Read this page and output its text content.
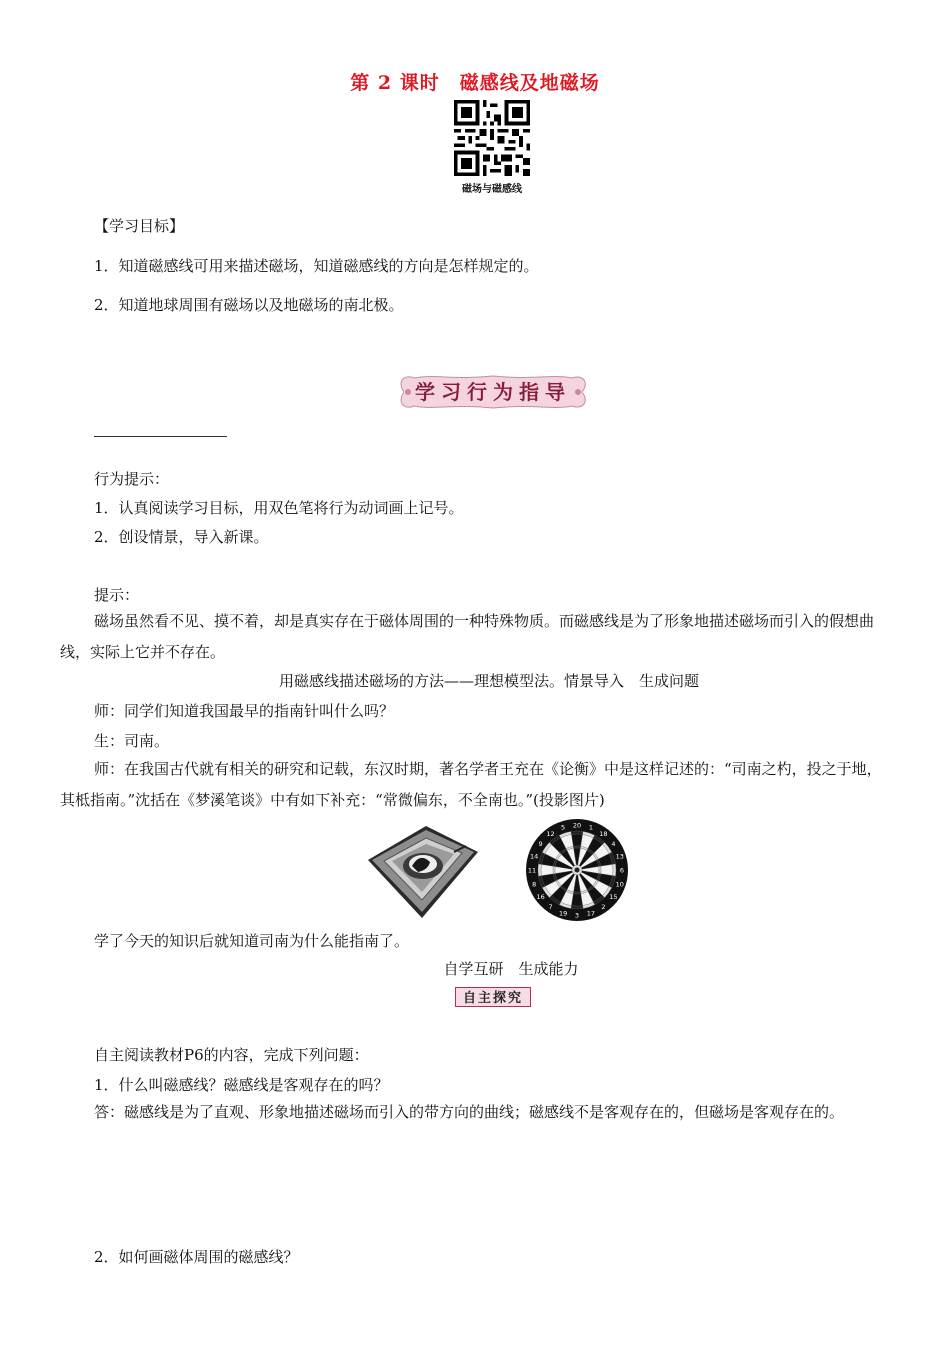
第 2 课时　磁感线及地磁场
磁场与磁感线
【学习目标】
1．知道磁感线可用来描述磁场，知道磁感线的方向是怎样规定的。
2．知道地球周围有磁场以及地磁场的南北极。
学习行为指导
行为提示：
1．认真阅读学习目标，用双色笔将行为动词画上记号。
2．创设情景，导入新课。
提示：
磁场虽然看不见、摸不着，却是真实存在于磁体周围的一种特殊物质。而磁感线是为了形象地描述磁场而引入的假想曲线，实际上它并不存在。
用磁感线描述磁场的方法——理想模型法。情景导入　生成问题
师：同学们知道我国最早的指南针叫什么吗？
生：司南。
师：在我国古代就有相关的研究和记载，东汉时期，著名学者王充在《论衡》中是这样记述的：“司南之杓，投之于地，其柢指南。”沈括在《梦溪笔谈》中有如下补充：“常微偏东，不全南也。”(投影图片)
20 1
18
4
13
6
10
15
2
17
3
19
7
16
8
11
14
9
12
5
学了今天的知识后就知道司南为什么能指南了。
自学互研　生成能力
自主探究
自主阅读教材P6的内容，完成下列问题：
1．什么叫磁感线？磁感线是客观存在的吗？
答：磁感线是为了直观、形象地描述磁场而引入的带方向的曲线；磁感线不是客观存在的，但磁场是客观存在的。
2．如何画磁体周围的磁感线？
